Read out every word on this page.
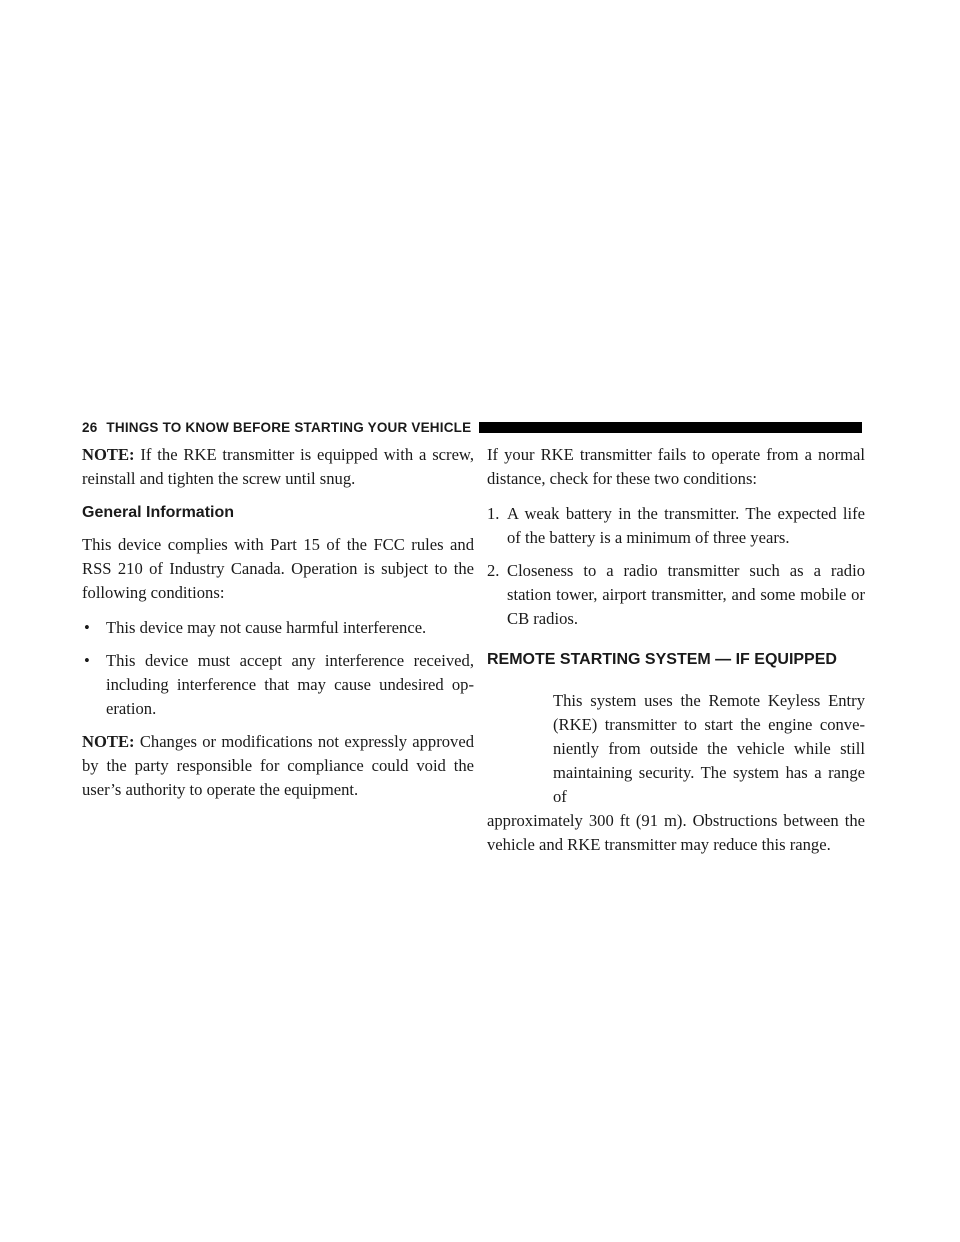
26 THINGS TO KNOW BEFORE STARTING YOUR VEHICLE

NOTE: If the RKE transmitter is equipped with a screw, reinstall and tighten the screw until snug.

General Information

This device complies with Part 15 of the FCC rules and RSS 210 of Industry Canada. Operation is subject to the following conditions:

• This device may not cause harmful interference.
• This device must accept any interference received, including interference that may cause undesired op-eration.

NOTE: Changes or modifications not expressly approved by the party responsible for compliance could void the user’s authority to operate the equipment.

If your RKE transmitter fails to operate from a normal distance, check for these two conditions:

1. A weak battery in the transmitter. The expected life of the battery is a minimum of three years.
2. Closeness to a radio transmitter such as a radio station tower, airport transmitter, and some mobile or CB radios.
REMOTE STARTING SYSTEM — IF EQUIPPED
This system uses the Remote Keyless Entry (RKE) transmitter to start the engine conve-niently from outside the vehicle while still maintaining security. The system has a range of

approximately 300 ft (91 m). Obstructions between the vehicle and RKE transmitter may reduce this range.
